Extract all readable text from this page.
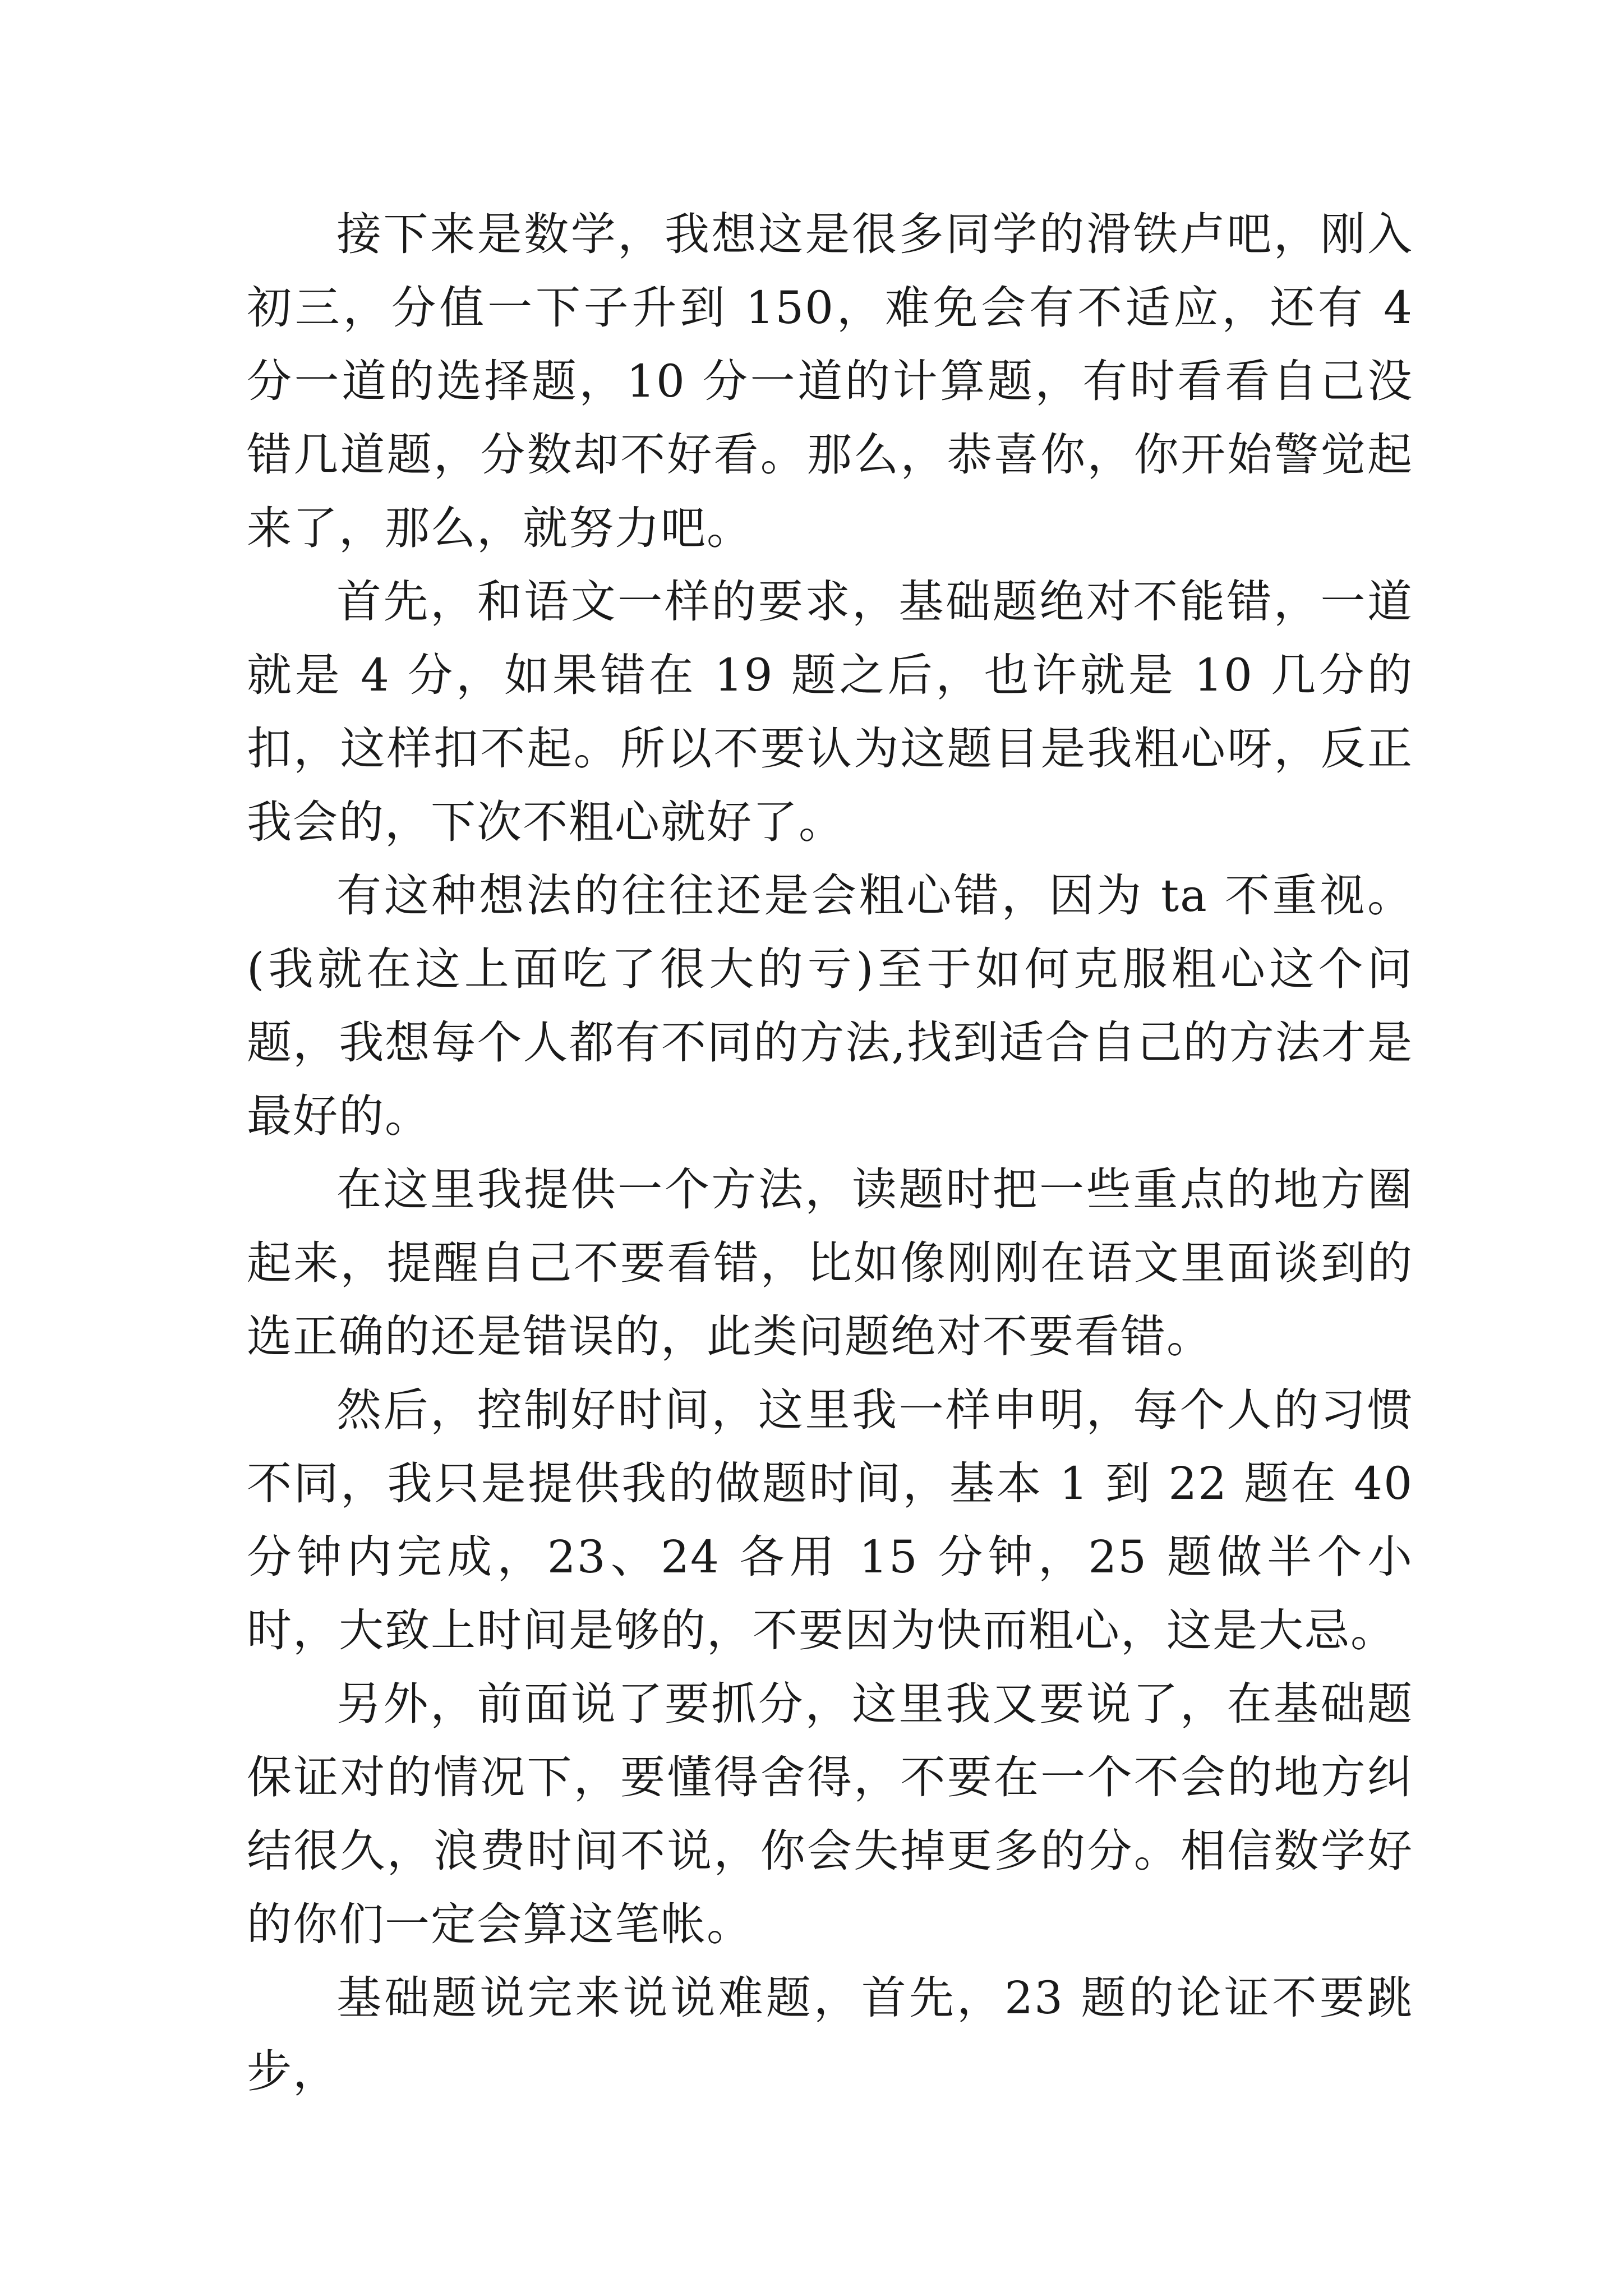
接下来是数学，我想这是很多同学的滑铁卢吧，刚入初三，分值一下子升到 150，难免会有不适应，还有 4 分一道的选择题，10 分一道的计算题，有时看看自己没错几道题，分数却不好看。那么，恭喜你，你开始警觉起来了，那么，就努力吧。

首先，和语文一样的要求，基础题绝对不能错，一道就是 4 分，如果错在 19 题之后，也许就是 10 几分的扣，这样扣不起。所以不要认为这题目是我粗心呀，反正我会的，下次不粗心就好了。

有这种想法的往往还是会粗心错，因为 ta 不重视。(我就在这上面吃了很大的亏)至于如何克服粗心这个问题，我想每个人都有不同的方法,找到适合自己的方法才是最好的。

在这里我提供一个方法，读题时把一些重点的地方圈起来，提醒自己不要看错，比如像刚刚在语文里面谈到的选正确的还是错误的，此类问题绝对不要看错。

然后，控制好时间，这里我一样申明，每个人的习惯不同，我只是提供我的做题时间，基本 1 到 22 题在 40 分钟内完成，23、24 各用 15 分钟，25 题做半个小时，大致上时间是够的，不要因为快而粗心，这是大忌。

另外，前面说了要抓分，这里我又要说了，在基础题保证对的情况下，要懂得舍得，不要在一个不会的地方纠结很久，浪费时间不说，你会失掉更多的分。相信数学好的你们一定会算这笔帐。

基础题说完来说说难题，首先，23 题的论证不要跳步，
